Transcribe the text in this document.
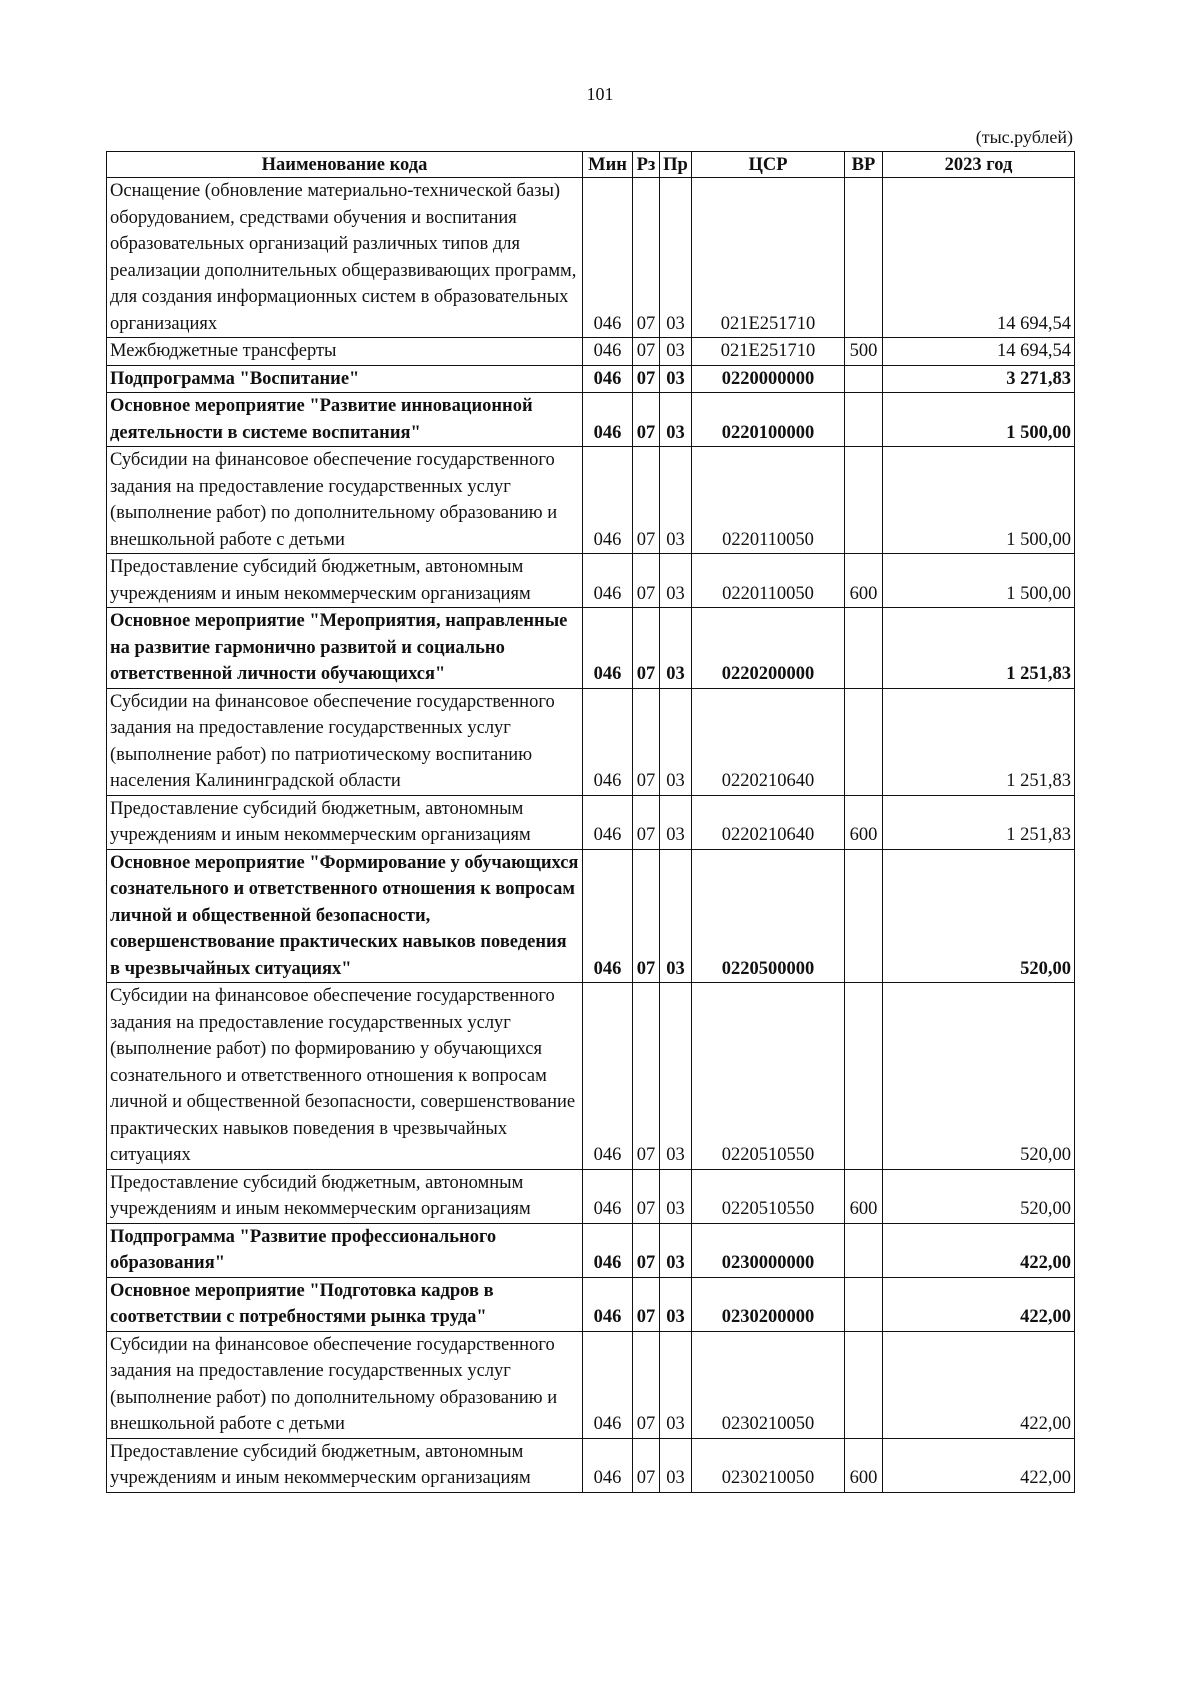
101
(тыс.рублей)
Наименование кода	Мин	Рз	Пр	ЦСР	ВР	2023 год
Оснащение (обновление материально-технической базы) оборудованием, средствами обучения и воспитания образовательных организаций различных типов для реализации дополнительных общеразвивающих программ, для создания информационных систем в образовательных организациях	046	07	03	021E251710		14 694,54
Межбюджетные трансферты	046	07	03	021E251710	500	14 694,54
Подпрограмма "Воспитание"	046	07	03	0220000000		3 271,83
Основное мероприятие "Развитие инновационной деятельности в системе воспитания"	046	07	03	0220100000		1 500,00
Субсидии на финансовое обеспечение государственного задания на предоставление государственных услуг (выполнение работ) по дополнительному образованию и внешкольной работе с детьми	046	07	03	0220110050		1 500,00
Предоставление субсидий бюджетным, автономным учреждениям и иным некоммерческим организациям	046	07	03	0220110050	600	1 500,00
Основное мероприятие "Мероприятия, направленные на развитие гармонично развитой и социально ответственной личности обучающихся"	046	07	03	0220200000		1 251,83
Субсидии на финансовое обеспечение государственного задания на предоставление государственных услуг (выполнение работ) по патриотическому воспитанию населения Калининградской области	046	07	03	0220210640		1 251,83
Предоставление субсидий бюджетным, автономным учреждениям и иным некоммерческим организациям	046	07	03	0220210640	600	1 251,83
Основное мероприятие "Формирование у обучающихся сознательного и ответственного отношения к вопросам личной и общественной безопасности, совершенствование практических навыков поведения в чрезвычайных ситуациях"	046	07	03	0220500000		520,00
Субсидии на финансовое обеспечение государственного задания на предоставление государственных услуг (выполнение работ) по формированию у обучающихся сознательного и ответственного отношения к вопросам личной и общественной безопасности, совершенствование практических навыков поведения в чрезвычайных ситуациях	046	07	03	0220510550		520,00
Предоставление субсидий бюджетным, автономным учреждениям и иным некоммерческим организациям	046	07	03	0220510550	600	520,00
Подпрограмма "Развитие профессионального образования"	046	07	03	0230000000		422,00
Основное мероприятие "Подготовка кадров в соответствии с потребностями рынка труда"	046	07	03	0230200000		422,00
Субсидии на финансовое обеспечение государственного задания на предоставление государственных услуг (выполнение работ) по дополнительному образованию и внешкольной работе с детьми	046	07	03	0230210050		422,00
Предоставление субсидий бюджетным, автономным учреждениям и иным некоммерческим организациям	046	07	03	0230210050	600	422,00
